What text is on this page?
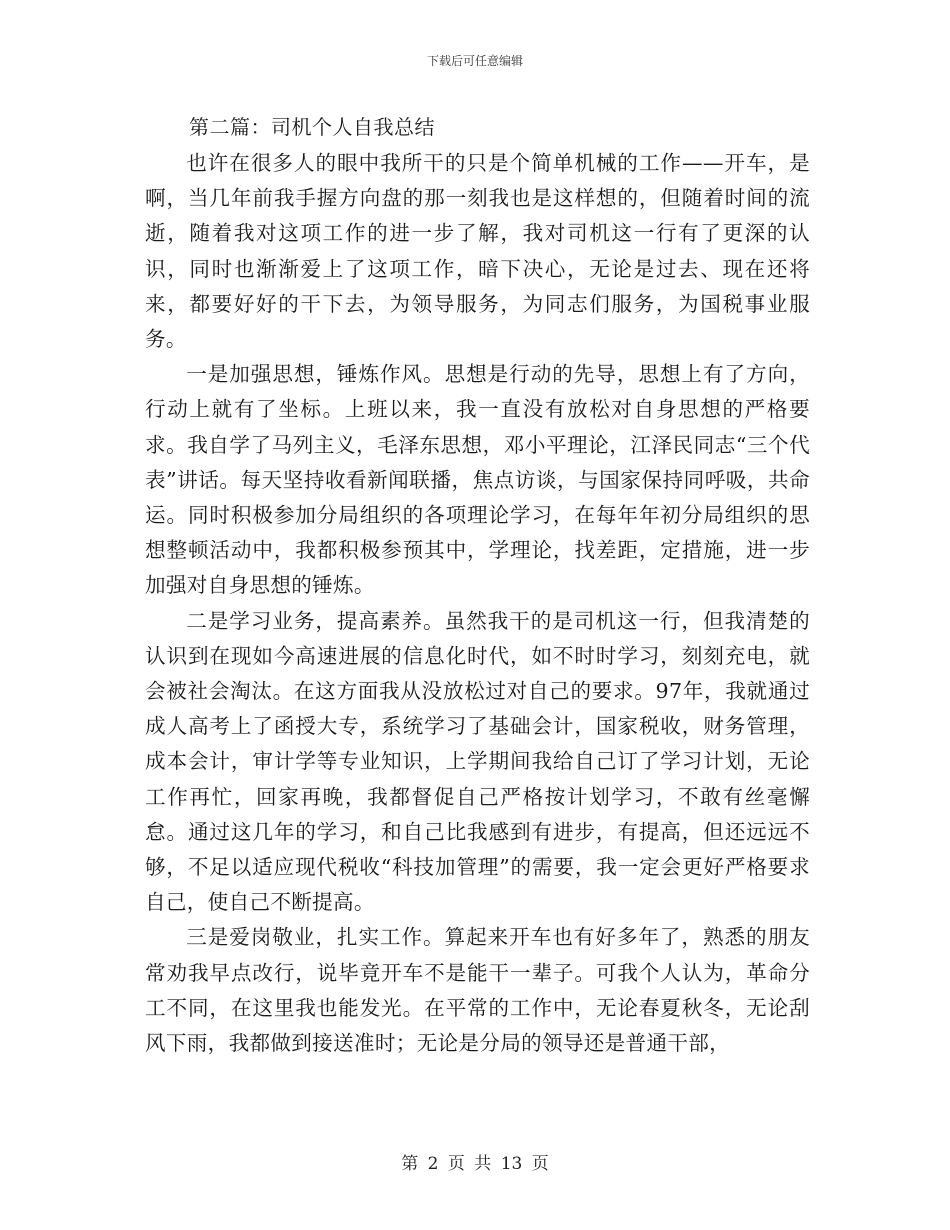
下载后可任意编辑
第二篇：司机个人自我总结

也许在很多人的眼中我所干的只是个简单机械的工作——开车，是啊，当几年前我手握方向盘的那一刻我也是这样想的，但随着时间的流逝，随着我对这项工作的进一步了解，我对司机这一行有了更深的认识，同时也渐渐爱上了这项工作，暗下决心，无论是过去、现在还将来，都要好好的干下去，为领导服务，为同志们服务，为国税事业服务。

一是加强思想，锤炼作风。思想是行动的先导，思想上有了方向，行动上就有了坐标。上班以来，我一直没有放松对自身思想的严格要求。我自学了马列主义，毛泽东思想，邓小平理论，江泽民同志“三个代表”讲话。每天坚持收看新闻联播，焦点访谈，与国家保持同呼吸，共命运。同时积极参加分局组织的各项理论学习，在每年年初分局组织的思想整顿活动中，我都积极参预其中，学理论，找差距，定措施，进一步加强对自身思想的锤炼。

二是学习业务，提高素养。虽然我干的是司机这一行，但我清楚的认识到在现如今高速进展的信息化时代，如不时时学习，刻刻充电，就会被社会淘汰。在这方面我从没放松过对自己的要求。97年，我就通过成人高考上了函授大专，系统学习了基础会计，国家税收，财务管理，成本会计，审计学等专业知识，上学期间我给自己订了学习计划，无论工作再忙，回家再晚，我都督促自己严格按计划学习，不敢有丝毫懈怠。通过这几年的学习，和自己比我感到有进步，有提高，但还远远不够，不足以适应现代税收“科技加管理”的需要，我一定会更好严格要求自己，使自己不断提高。

三是爱岗敬业，扎实工作。算起来开车也有好多年了，熟悉的朋友常劝我早点改行，说毕竟开车不是能干一辈子。可我个人认为，革命分工不同，在这里我也能发光。在平常的工作中，无论春夏秋冬，无论刮风下雨，我都做到接送准时；无论是分局的领导还是普通干部，

第 2 页 共 13 页
